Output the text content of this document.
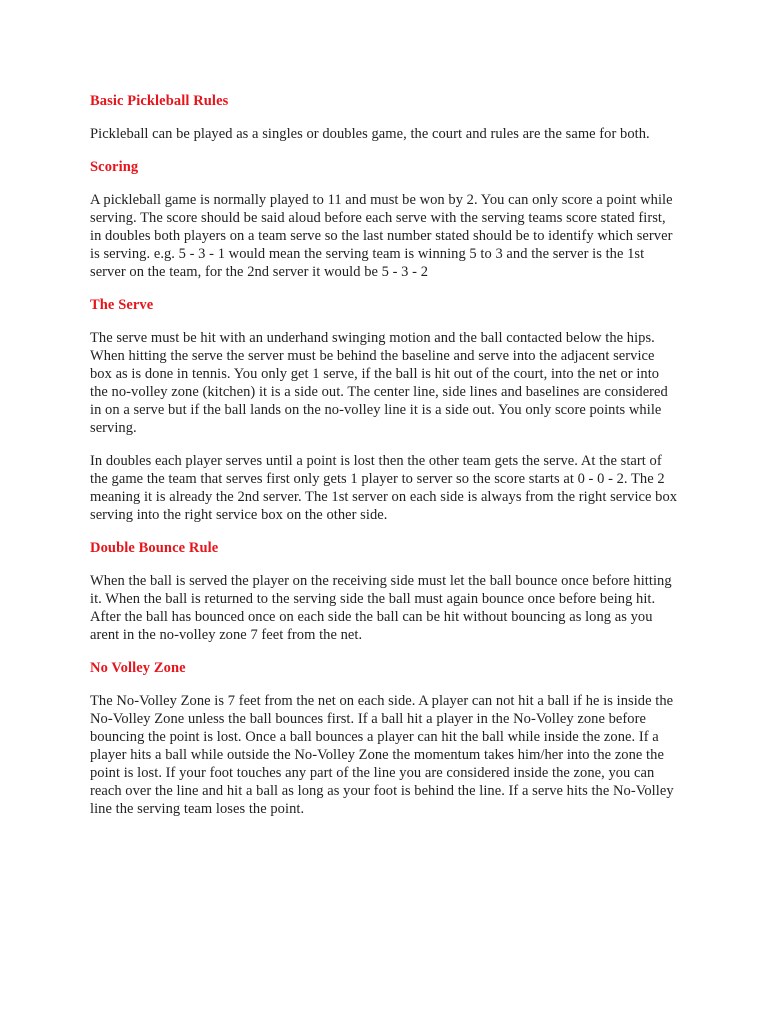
Basic Pickleball Rules

Pickleball can be played as a singles or doubles game, the court and rules are the same for both.

Scoring

A pickleball game is normally played to 11 and must be won by 2. You can only score a point while serving. The score should be said aloud before each serve with the serving teams score stated first, in doubles both players on a team serve so the last number stated should be to identify which server is serving. e.g. 5 - 3 - 1 would mean the serving team is winning 5 to 3 and the server is the 1st server on the team, for the 2nd server it would be 5 - 3 - 2

The Serve

The serve must be hit with an underhand swinging motion and the ball contacted below the hips. When hitting the serve the server must be behind the baseline and serve into the adjacent service box as is done in tennis. You only get 1 serve, if the ball is hit out of the court, into the net or into the no-volley zone (kitchen) it is a side out. The center line, side lines and baselines are considered in on a serve but if the ball lands on the no-volley line it is a side out. You only score points while serving.

In doubles each player serves until a point is lost then the other team gets the serve. At the start of the game the team that serves first only gets 1 player to server so the score starts at 0 - 0 - 2. The 2 meaning it is already the 2nd server. The 1st server on each side is always from the right service box serving into the right service box on the other side.

Double Bounce Rule

When the ball is served the player on the receiving side must let the ball bounce once before hitting it. When the ball is returned to the serving side the ball must again bounce once before being hit. After the ball has bounced once on each side the ball can be hit without bouncing as long as you arent in the no-volley zone 7 feet from the net.

No Volley Zone

The No-Volley Zone is 7 feet from the net on each side. A player can not hit a ball if he is inside the No-Volley Zone unless the ball bounces first. If a ball hit a player in the No-Volley zone before bouncing the point is lost. Once a ball bounces a player can hit the ball while inside the zone. If a player hits a ball while outside the No-Volley Zone the momentum takes him/her into the zone the point is lost. If your foot touches any part of the line you are considered inside the zone, you can reach over the line and hit a ball as long as your foot is behind the line. If a serve hits the No-Volley line the serving team loses the point.
